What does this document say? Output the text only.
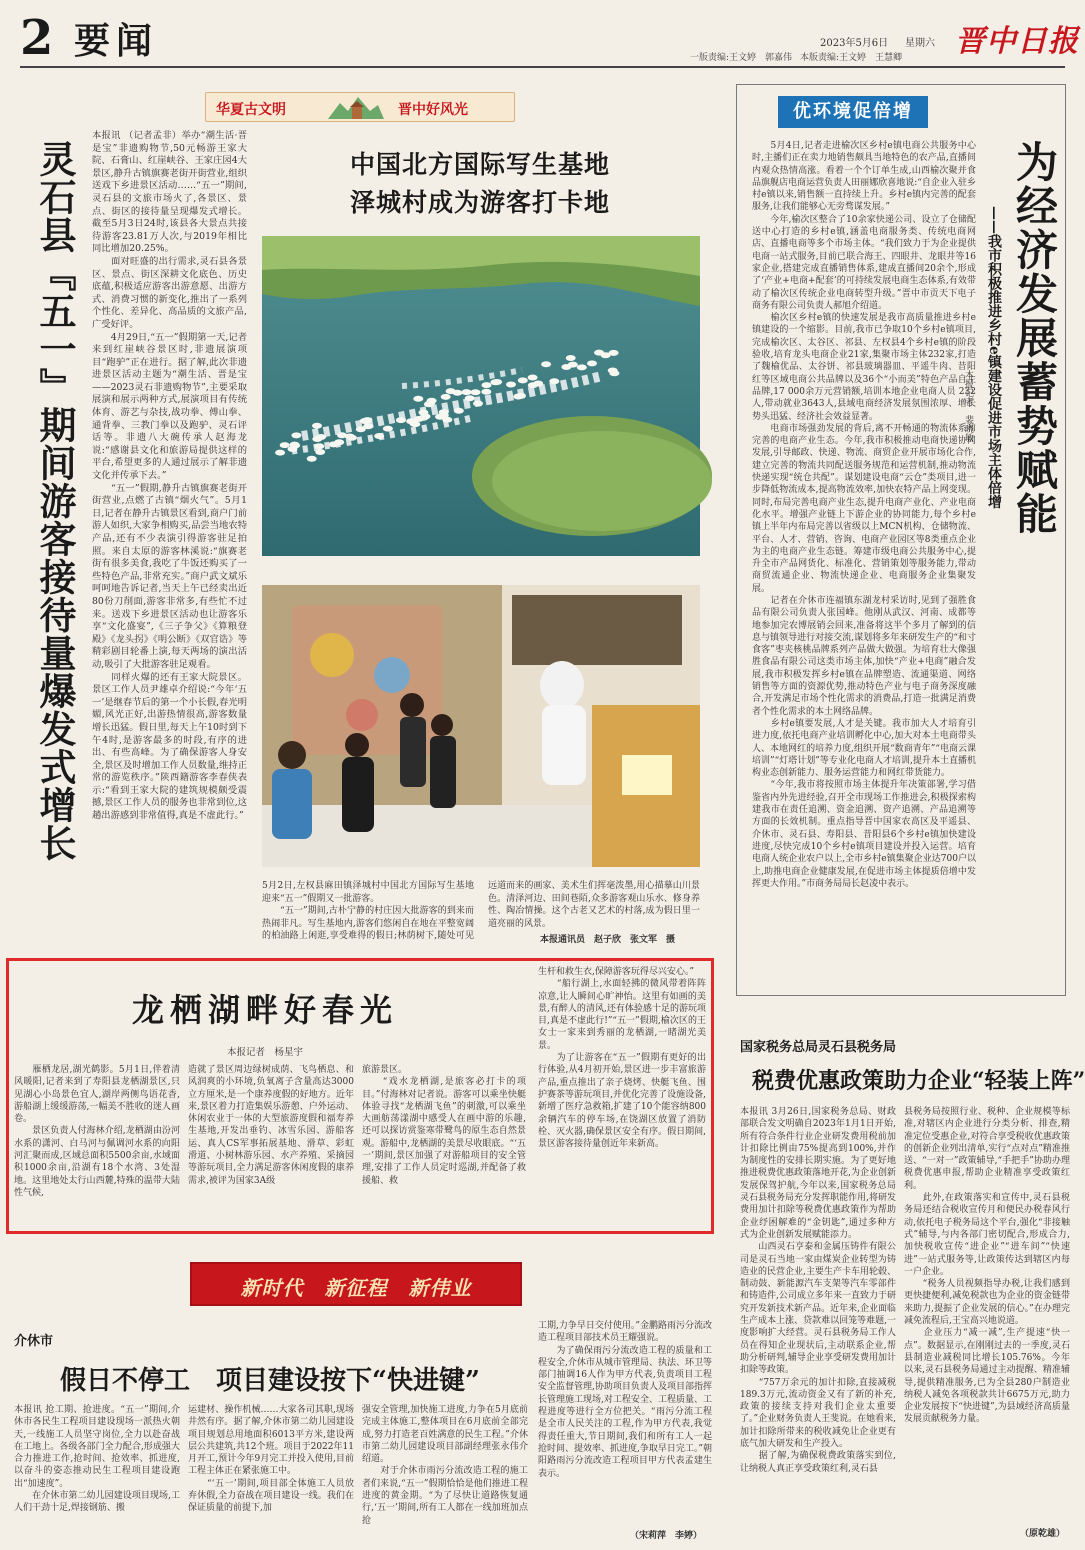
2 要闻	一版责编:王文婷　郭嘉伟 本版责编:王文婷　王慧卿
2023年5月6日 星期六 晋中日报
华夏古文明	晋中好风光
灵石县『五一』期间游客接待量爆发式增长
本报讯 （记者孟非）举办“潮生活·晋是宝”非遗购物节,50元畅游王家大院、石膏山、红崖峡谷、王家庄园4大景区,静升古镇旗赛老街开街营业,组织送戏下乡进景区活动……“五一”期间,灵石县的文旅市场火了,各景区、景点、街区的接待量呈现爆发式增长。截至5月3日24时,该县各大景点共接待游客23.81万人次,与2019年相比同比增加20.25%。
　　面对旺盛的出行需求,灵石县各景区、景点、街区深耕文化底色、历史底蕴,积极适应游客出游意愿、出游方式、消费习惯的新变化,推出了一系列个性化、差异化、高品质的文旅产品,广受好评。
　　4月29日,“五一”假期第一天,记者来到红崖峡谷景区时,非遗展演项目“跑驴”正在进行。据了解,此次非遗进景区活动主题为“潮生活、晋是宝——2023灵石非遗购物节”,主要采取展演和展示两种方式,展演项目有传统体育、游艺与杂技,战功拳、傅山拳、通背拳、三教门拳以及跑驴、灵石评话等。非遗八大碗传承人赵海龙说:“感谢县文化和旅游局提供这样的平台,希望更多的人通过展示了解非遗文化并传承下去。”
　　“五一”假期,静升古镇旗赛老街开街营业,点燃了古镇“烟火气”。5月1日,记者在静升古镇景区看到,商户门前游人如织,大家争相购买,品尝当地农特产品,还有不少表演引得游客驻足拍照。来自太原的游客林溪说:“旗赛老街有很多美食,我吃了牛饭还购买了一些特色产品,非常充实。”商户武文斌乐呵呵地告诉记者,当天上午已经卖出近80份刀削面,游客非常多,有些忙不过来。送戏下乡进景区活动也让游客乐享“文化盛宴”,《三子争父》《算粮登殿》《龙头拐》《明公断》《双官诰》等精彩剧目轮番上演,每天两场的演出活动,吸引了大批游客驻足观看。
　　同样火爆的还有王家大院景区。景区工作人员尹雄卓介绍说:“今年‘五一’是继春节后的第一个小长假,春光明媚,风光正好,出游热情很高,游客数量增长迅猛。假日里,每天上午10时到下午4时,是游客最多的时段,有序的进出、有些高峰。为了确保游客人身安全,景区及时增加工作人员数量,维持正常的游览秩序。”陕西籍游客李春侠表示:“看到王家大院的建筑规模颇受震撼,景区工作人员的服务也非常到位,这趟出游感到非常值得,真是不虚此行。”
中国北方国际写生基地
泽城村成为游客打卡地
5月2日,左权县麻田镇泽城村中国北方国际写生基地迎来“五一”假期又一批游客。
　　“五一”期间,古朴宁静的村庄因大批游客的到来而热闹非凡。写生基地内,游客们悠闲自在地在平整宽阔的柏油路上闲逛,享受难得的假日;林荫树下,随处可见远道而来的画家、美术生们挥毫泼墨,用心描摹山川景色。清泽河边、田间巷陌,众多游客观山乐水、修身养性、陶冶情操。这个古老又艺术的村落,成为假日里一道亮丽的风景。
本报通讯员　赵子欣　张文军　摄
优环境促倍增
　　5月4日,记者走进榆次区乡村e镇电商公共服务中心时,主播们正在卖力地销售颇具当地特色的农产品,直播间内观众热情高涨。看着一个个订单生成,山西榆次聚并食品旗舰店电商运营负责人田丽娜欣喜地说:“自企业入驻乡村e镇以来,销售额一直持续上升。乡村e镇内完善的配套服务,让我们能够心无旁骛谋发展。”
　　今年,榆次区整合了10余家快递公司、设立了仓储配送中心打造的乡村e镇,涵盖电商服务类、传统电商网店、直播电商等多个市场主体。“我们致力于为企业提供电商一站式服务,目前已联合海王、四眼井、龙眼井等16家企业,搭建完成直播销售体系,建成直播间20余个,形成了‘产业+电商+配套’的可持续发展电商生态体系,有效带动了榆次区传统企业电商转型升级。”晋中市贡天下电子商务有限公司负责人郝旭介绍道。
　　榆次区乡村e镇的快速发展是我市高质量推进乡村e镇建设的一个缩影。目前,我市已争取10个乡村e镇项目,完成榆次区、太谷区、祁县、左权县4个乡村e镇的阶段验收,培育龙头电商企业21家,集聚市场主体232家,打造了魏榆优品、太谷饼、祁县玻璃器皿、平遥牛肉、昔阳红等区域电商公共品牌以及36个“小而美”特色产品自主品牌,17 000余万元营销额,培训本地企业电商人员 232人,带动就业3643人,县域电商经济发展氛围浓厚、增长势头迅猛、经济社会效益显著。
　　电商市场强劲发展的背后,离不开畅通的物流体系和完善的电商产业生态。今年,我市积极推动电商快递协同发展,引导邮政、快递、物流、商贸企业开展市场化合作,建立完善的物流共同配送服务规范和运营机制,推动物流快递实现“统仓共配”。谋划建设电商“云仓”类项目,进一步降低物流成本,提高物流效率,加快农特产品上网变现。同时,布局完善电商产业生态,提升电商产业化、产业电商化水平。增强产业链上下游企业的协同能力,每个乡村e镇上半年内布局完善以省级以上MCN机构、仓储物流、平台、人才、营销、咨询、电商产业园区等8类重点企业为主的电商产业生态链。筹建市级电商公共服务中心,提升全市产品网货化、标准化、营销策划等服务能力,带动商贸流通企业、物流快递企业、电商服务企业集聚发展。
　　记者在介休市连福镇东湖龙村采访时,见到了强胜食品有限公司负责人张国峰。他刚从武汉、河南、成都等地参加完农博展销会回来,准备将这半个多月了解到的信息与镇领导进行对接交流,谋划将多年来研发生产的“和寸食客”枣夹核桃品牌系列产品做大做强。为培育壮大像强胜食品有限公司这类市场主体,加快“产业+电商”融合发展,我市积极发挥乡村e镇在品牌塑造、流通渠道、网络销售等方面的资源优势,推动特色产业与电子商务深度融合,开发满足市场个性化需求的消费品,打造一批满足消费者个性化需求的本土网络品牌。
　　乡村e镇要发展,人才是关键。我市加大人才培育引进力度,依托电商产业培训孵化中心,加大对本土电商带头人、本地网红的培养力度,组织开展“数商青年”“电商云课培训”“灯塔计划”等专业化电商人才培训,提升本土直播机构业态创新能力、服务运营能力和网红带货能力。
　　“今年,我市将按照市场主体提升年决策部署,学习借鉴省内外先进经验,召开全市现场工作推进会,积极探索构建我市在责任追溯、资金追溯、资产追溯、产品追溯等方面的长效机制。重点指导晋中国家农高区及平遥县、介休市、灵石县、寿阳县、昔阳县6个乡村e镇加快建设进度,尽快完成10个乡村e镇项目建设并投入运营。培育电商人统企业农户以上,全市乡村e镇集聚企业达700户以上,助推电商企业健康发展,在促进市场主体提质倍增中发挥更大作用。”市商务局局长赵凌中表示。
为经济发展蓄势赋能
——我市积极推进乡村e镇建设促进市场主体倍增
本报记者　裴晓敏
龙栖湖畔好春光
本报记者　杨星宇
　　雁栖龙居,湖光鹤影。5月1日,伴着清风暖阳,记者来到了寿阳县龙栖湖景区,只见湖心小岛景色宜人,湖岸两侧鸟语花香,游船湖上缓缓游荡,一幅美不胜收的迷人画卷。
　　景区负责人付海林介绍,龙栖湖由汾河水系的潇河、白马河与佩调河水系的向阳河汇聚而成,区域总面积5500余亩,水域面积1000余亩,沿湖有18个水湾、3处湿地。这里地处太行山西麓,特殊的温带大陆性气候,
造就了景区周边绿树成荫、飞鸟栖息、和风润爽的小环境,负氧离子含量高达3000立方厘米,是一个康养度假的好地方。近年来,景区着力打造集娱乐游憩、户外运动、休闲农业于一体的大型旅游度假和福寿养生基地,开发出垂钓、冰雪乐园、游船客运、真人CS军事拓展基地、滑草、彩虹滑道、小树林游乐园、水产养殖、采摘园等游玩项目,全力满足游客休闲度假的康养需求,被评为国家3A级
旅游景区。
　　“戏水龙栖湖,是旅客必打卡的项目。”付海林对记者说。游客可以乘坐快艇体验寻找“龙栖湖飞鱼”的刺激,可以乘坐大画舫荡漾湖中感受人在画中游的乐趣,还可以探访赏鉴寒带鹭鸟的原生态自然景观。游船中,龙栖湖的美景尽收眼底。“‘五一’期间,景区加强了对游船项目的安全管理,安排了工作人员定时巡湖,并配备了救援船、救
生杆和救生衣,保障游客玩得尽兴安心。”
　　“船行湖上,水面轻拂的微风带着阵阵凉意,让人瞬间心旷神怡。这里有如画的美景,有醉人的清风,还有体验感十足的游玩项目,真是不虚此行!”“五一”假期,榆次区的王女士一家来到秀丽的龙栖湖,一睹湖光美景。
　　为了让游客在“五一”假期有更好的出行体验,从4月初开始,景区进一步丰富旅游产品,重点推出了亲子烧烤、快艇飞鱼、围护赛茶等游玩项目,并优化完善了设施设备,新增了医疗急救箱,扩建了10个能容纳800余辆汽车的停车场,在饶湖区放置了消防栓、灭火器,确保景区安全有序。假日期间,景区游客接待量创近年来新高。
国家税务总局灵石县税务局
税费优惠政策助力企业“轻装上阵”
本报讯 3月26日,国家税务总局、财政部联合发文明确自2023年1月1日开始,所有符合条件行业企业研发费用税前加计扣除比例由75%提高到100%,并作为制度性的安排长期实施。为了更好地推进税费优惠政策落地开花,为企业创新发展保驾护航,今年以来,国家税务总局灵石县税务局充分发挥职能作用,将研发费用加计扣除等税费优惠政策作为帮助企业纾困解难的“金钥匙”,通过多种方式为企业创新发展赋能添力。
　　山西灵石亨泰和金属压铸件有限公司是灵石当地一家由煤炭企业转型为铸造业的民营企业,主要生产卡车用轮毂、制动鼓、新能源汽车支架等汽车零部件和铸造件,公司成立多年来一直致力于研究开发新技术新产品。近年来,企业面临生产成本上涨、贷款难以回笼等难题,一度影响扩大经营。灵石县税务局工作人员在得知企业现状后,主动联系企业,帮助分析研判,辅导企业享受研发费用加计扣除等政策。
　　“757万余元的加计扣除,直接减税189.3万元,流动资金又有了新的补充,政策的接续支持对我们企业太重要了。”企业财务负责人王斐说。在她看来,加计扣除所带来的税收减免让企业更有底气加大研发和生产投入。
　　据了解,为确保税费政策落实到位,让纳税人真正享受政策红利,灵石县
县税务局按照行业、税种、企业规模等标准,对辖区内企业进行分类分析、排查,精准定位受惠企业,对符合享受税收优惠政策的创新企业列出清单,实行“点对点”精准推送、“一对一”政策辅导,“手把手”协助办理税费优惠申报,帮助企业精准享受政策红利。
　　此外,在政策落实和宣传中,灵石县税务局还结合税收宣传月和便民办税春风行动,依托电子税务局这个平台,强化“非接触式”辅导,与内各部门密切配合,形成合力,加快税收宣传“进企业”“进车间”“快速进”一站式服务等,让政策传达到辖区内每一户企业。
　　“税务人员视频指导办税,让我们感到更快捷便利,减免税款也为企业的资金链带来助力,提振了企业发展的信心。”在办理完减免流程后,王宝高兴地说道。
　　企业压力“减一减”,生产提速“快一点”。数据显示,在刚刚过去的一季度,灵石县制造业减税同比增长105.76%。今年以来,灵石县税务局通过主动提醒、精准辅导,提供精准服务,已为全县280户制造业纳税人减免各项税款共计6675万元,助力企业发展按下“快进键”,为县域经济高质量发展贡献税务力量。
（原乾雄）
新时代　新征程　新伟业
介休市
假日不停工　项目建设按下“快进键”
本报讯 抢工期、抢进度。“五一”期间,介休市各民生工程项目建设现场一派热火朝天,一线施工人员坚守岗位,全力以赴奋战在工地上。各级各部门全力配合,形成强大合力推进工作,抢时间、抢效率、抓进度,以奋斗的姿态推动民生工程项目建设跑出“加速度”。
　　在介休市第二幼儿园建设项目现场,工人们干劲十足,焊接钢筋、搬
运建材、操作机械……大家各司其职,现场井然有序。据了解,介休市第二幼儿园建设项目规划总用地面积6013平方米,建设两层公共建筑,共12个班。项目于2022年11月开工,预计今年9月完工并投入使用,目前工程主体正在紧张施工中。
　　“‘五一’期间,项目部全体施工人员放弃休假,全力奋战在项目建设一线。我们在保证质量的前提下,加
强安全管理,加快施工进度,力争在5月底前完成主体施工,整体项目在6月底前全部完成,努力打造老百姓满意的民生工程。”介休市第二幼儿园建设项目部副经理张永伟介绍道。
　　对于介休市雨污分流改造工程的施工者们来说,“五一”假期恰恰是他们推进工程进度的黄金期。“为了尽快让道路恢复通行,‘五一’期间,所有工人都在一线加班加点抢
工期,力争早日交付使用。”金鹏路雨污分流改造工程项目部技术员王耀强说。
　　为了确保雨污分流改造工程的质量和工程安全,介休市从城市管理局、执法、环卫等部门抽调16人作为甲方代表,负责项目工程安全监督管理,协助项目负责人及项目部指挥长管理施工现场,对工程安全、工程质量、工程进度等进行全方位把关。“雨污分流工程是全市人民关注的工程,作为甲方代表,我觉得责任重大,节日期间,我们和所有工人一起抢时间、提效率、抓进度,争取早日完工。”朝阳路雨污分流改造工程项目甲方代表孟建生表示。
（宋莉萍　李婷）
